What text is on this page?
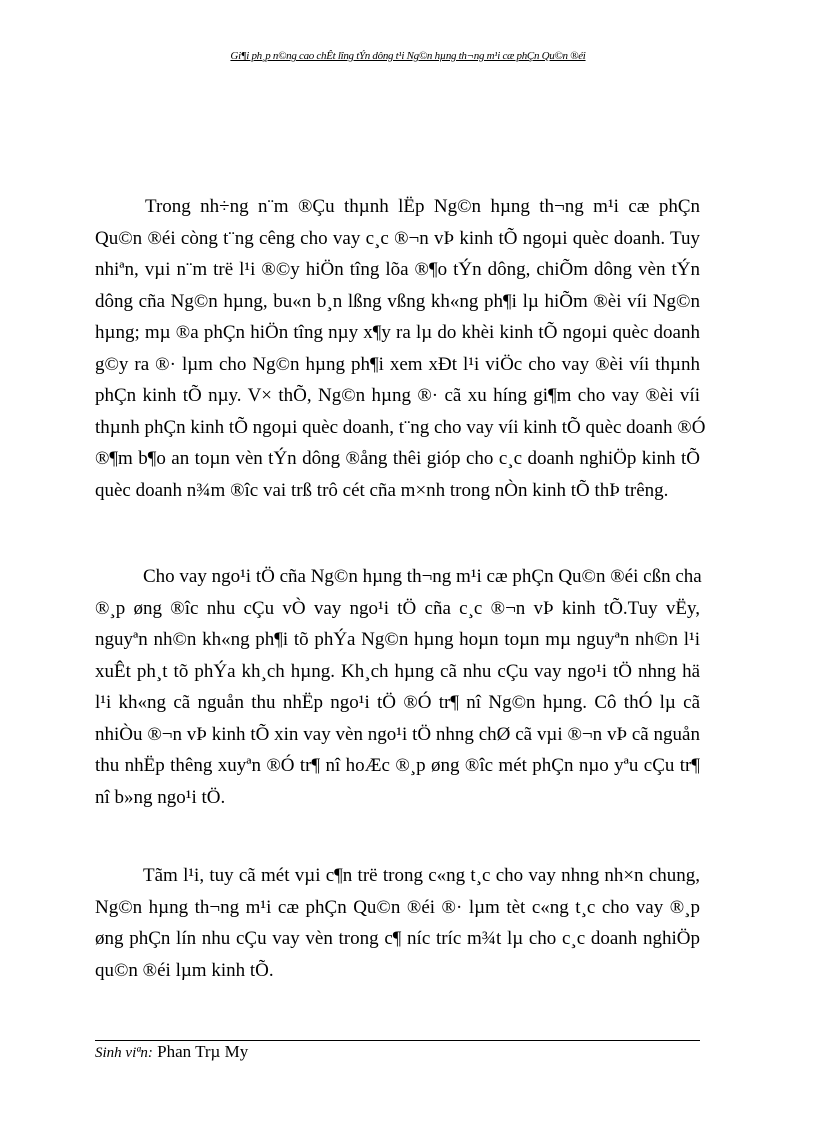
Gi¶i ph¸p n©ng cao chÊt lîng tÝn dông t¹i Ng©n hµng th¬ng m¹i cæ phÇn Qu©n ®éi
Trong nh÷ng n¨m ®Çu thµnh lËp Ng©n hµng th¬ng m¹i cæ phÇn
Qu©n ®éi còng t¨ng cêng cho vay c¸c ®¬n vÞ kinh tÕ ngoµi quèc doanh. Tuy
nhiªn, vµi n¨m trë l¹i ®©y hiÖn tîng lõa ®¶o tÝn dông, chiÕm dông vèn tÝn
dông cña Ng©n hµng, bu«n b¸n lßng vßng kh«ng ph¶i lµ hiÕm ®èi víi Ng©n
hµng; mµ ®a phÇn hiÖn tîng nµy x¶y ra lµ do khèi kinh tÕ ngoµi quèc doanh
g©y ra ®· lµm cho Ng©n hµng ph¶i xem xÐt l¹i viÖc cho vay ®èi víi thµnh
phÇn kinh tÕ nµy. V× thÕ, Ng©n hµng ®· cã xu híng gi¶m cho vay ®èi víi
thµnh phÇn kinh tÕ ngoµi quèc doanh, t¨ng cho vay víi kinh tÕ quèc doanh ®Ó
®¶m b¶o an toµn vèn tÝn dông ®ång thêi gióp cho c¸c doanh nghiÖp kinh tÕ
quèc doanh n¾m ®îc vai trß trô cét cña m×nh trong nÒn kinh tÕ thÞ trêng.
Cho vay ngo¹i tÖ cña Ng©n hµng th¬ng m¹i cæ phÇn Qu©n ®éi cßn cha
®¸p øng ®îc nhu cÇu vÒ vay ngo¹i tÖ cña c¸c ®¬n vÞ kinh tÕ.Tuy vËy,
nguyªn nh©n kh«ng ph¶i tõ phÝa Ng©n hµng hoµn toµn mµ nguyªn nh©n l¹i
xuÊt ph¸t tõ phÝa kh¸ch hµng. Kh¸ch hµng cã nhu cÇu vay ngo¹i tÖ nhng hä
l¹i kh«ng cã nguån thu nhËp ngo¹i tÖ ®Ó tr¶ nî Ng©n hµng. Cô thÓ lµ cã
nhiÒu ®¬n vÞ kinh tÕ xin vay vèn ngo¹i tÖ nhng chØ cã vµi ®¬n vÞ cã nguån
thu nhËp thêng xuyªn ®Ó tr¶ nî hoÆc ®¸p øng ®îc mét phÇn nµo yªu cÇu tr¶
nî b»ng ngo¹i tÖ.
Tãm l¹i, tuy cã mét vµi c¶n trë trong c«ng t¸c cho vay nhng nh×n chung,
Ng©n hµng th¬ng m¹i cæ phÇn Qu©n ®éi ®· lµm tèt c«ng t¸c cho vay ®¸p
øng phÇn lín nhu cÇu vay vèn trong c¶ níc tríc m¾t lµ cho c¸c doanh nghiÖp
qu©n ®éi lµm kinh tÕ.
Sinh viªn: Phan Trµ My
